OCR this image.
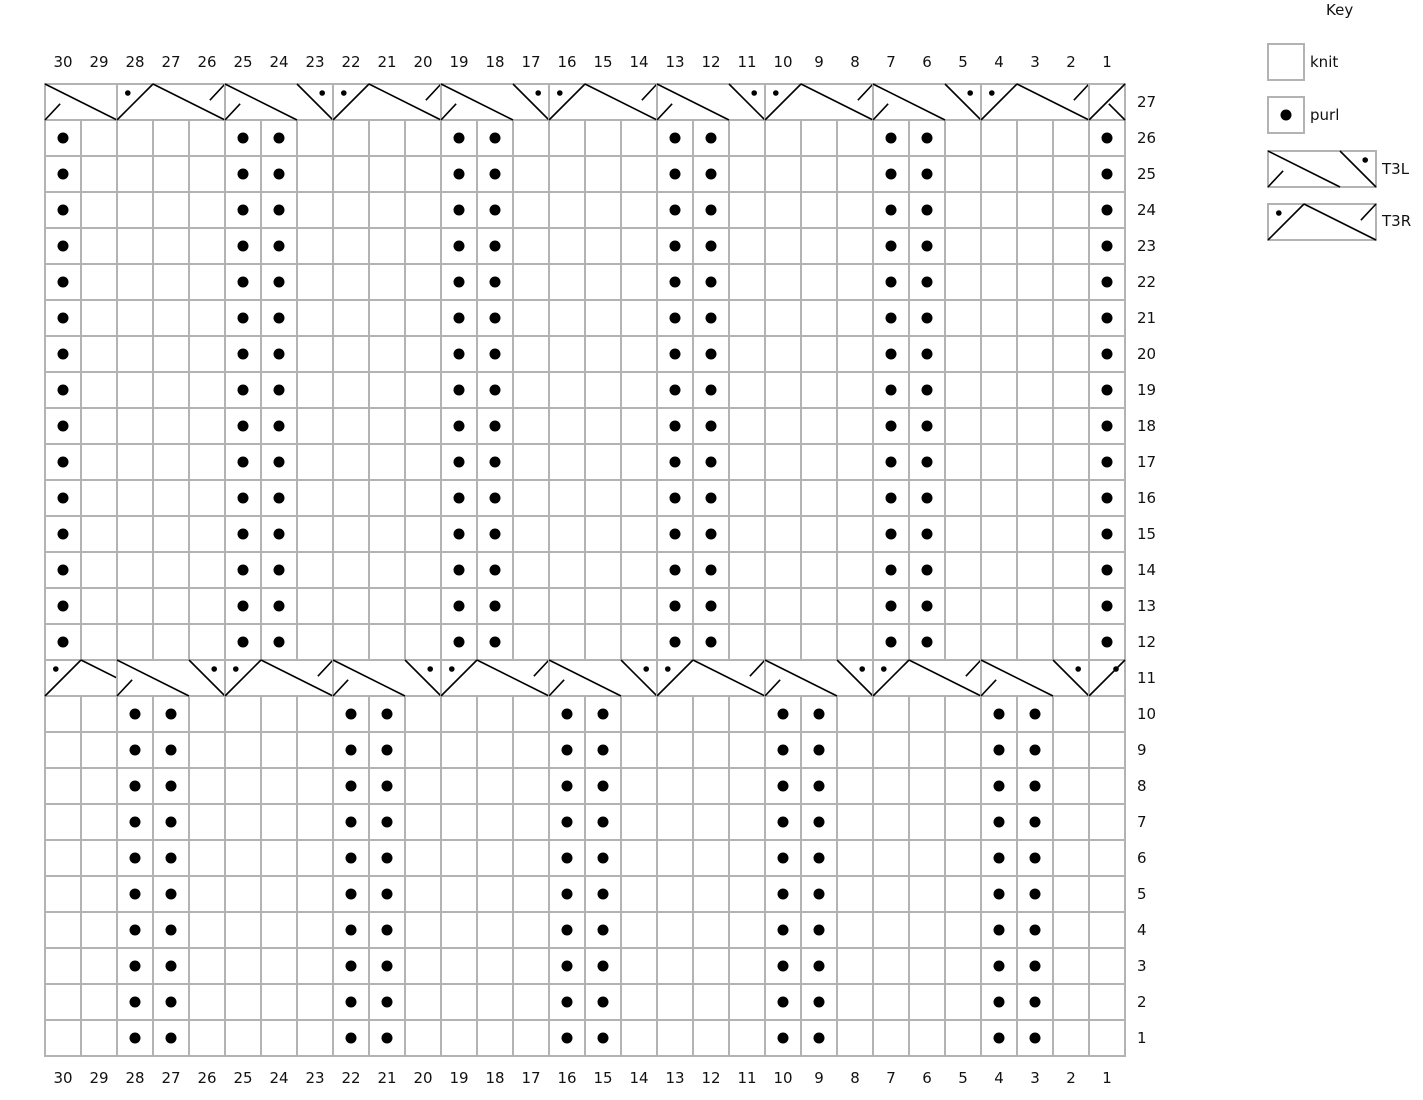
30
30
29
29
28
28
27
27
26
26
25
25
24
24
23
23
22
22
21
21
20
20
19
19
18
18
17
17
16
16
15
15
14
14
13
13
12
12
11
11
10
10
9
9
8
8
7
7
6
6
5
5
4
4
3
3
2
2
1
1
27
26
25
24
23
22
21
20
19
18
17
16
15
14
13
12
11
10
9
8
7
6
5
4
3
2
1
Key
knit
purl
T3L
T3R
